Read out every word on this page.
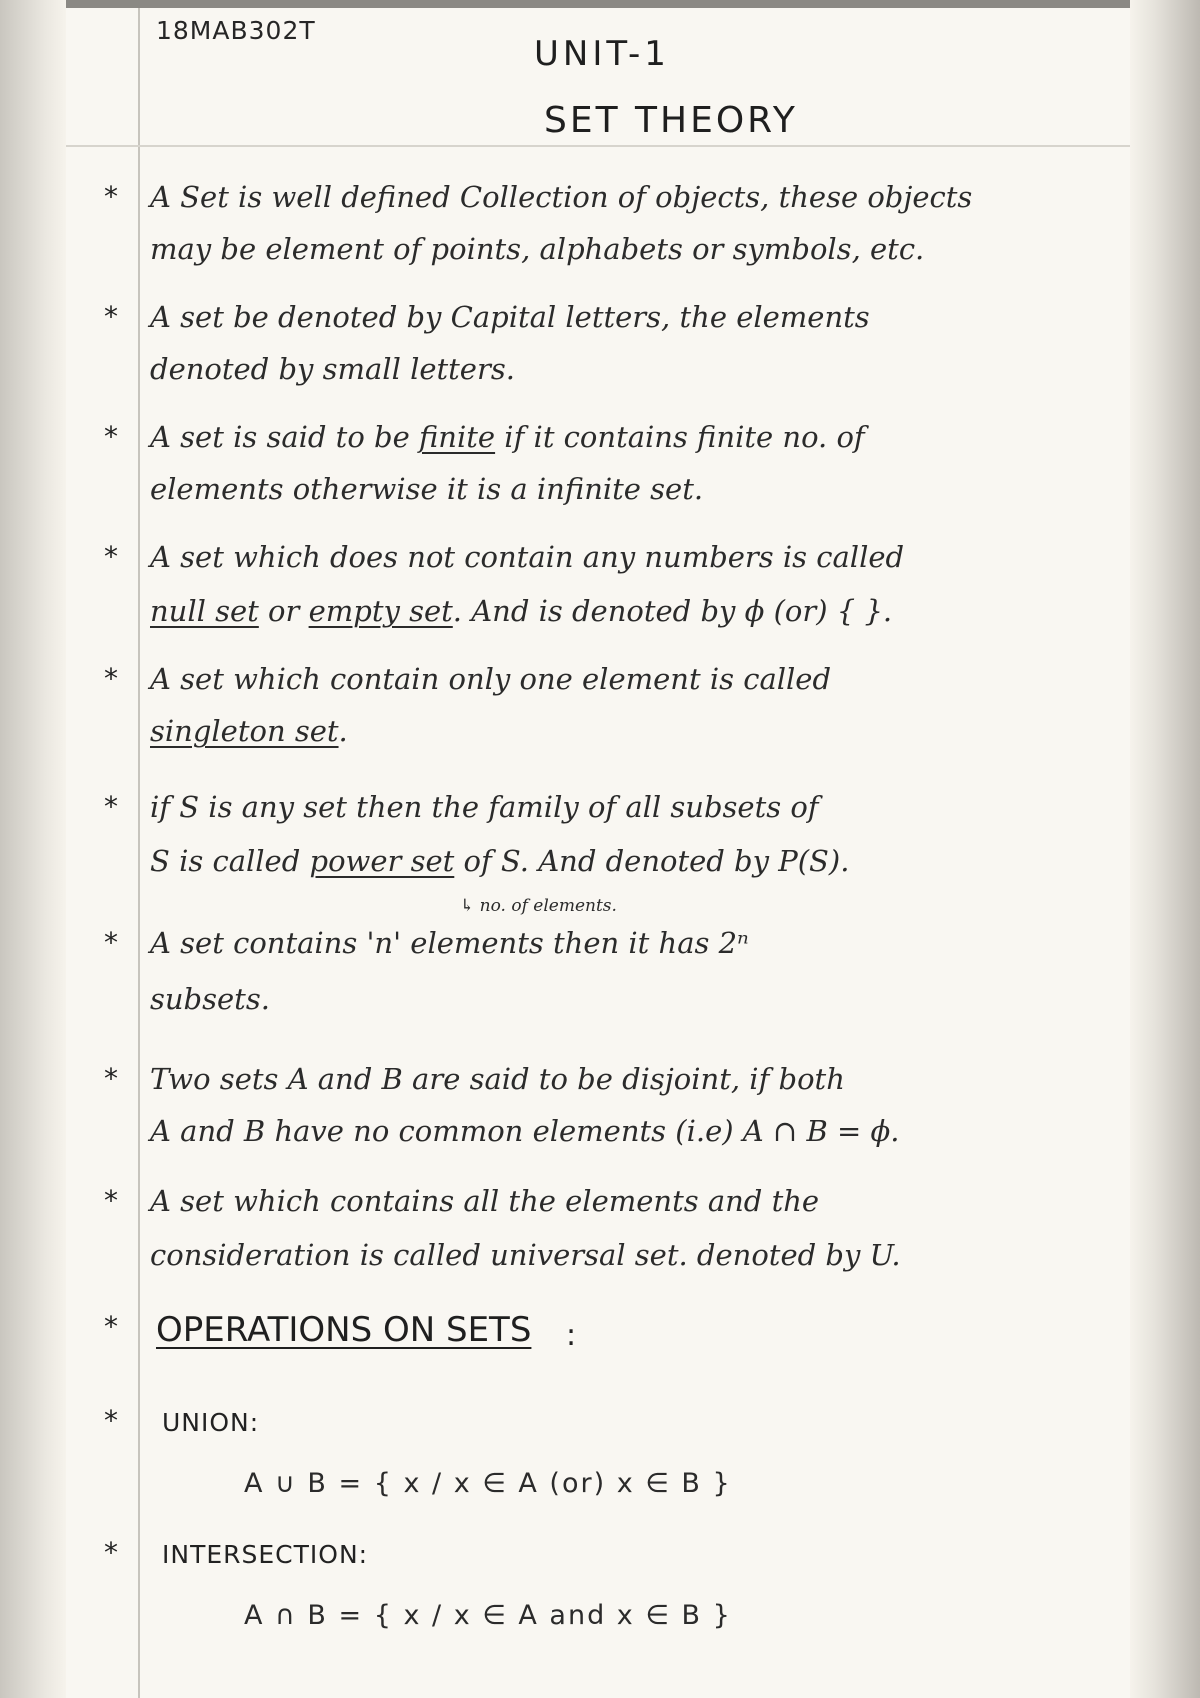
18MAB302T
UNIT-1
SET THEORY
* A Set is well defined Collection of objects, these objects
may be element of points, alphabets or symbols, etc.
* A set be denoted by Capital letters, the elements
denoted by small letters.
* A set is said to be finite if it contains finite no. of
elements otherwise it is a infinite set.
* A set which does not contain any numbers is called
null set or empty set. And is denoted by ϕ (or) { }.
* A set which contain only one element is called
singleton set.
* if S is any set then the family of all subsets of
S is called power set of S. And denoted by P(S).
↳ no. of elements.
* A set contains 'n' elements then it has 2ⁿ
subsets.
* Two sets A and B are said to be disjoint, if both
A and B have no common elements (i.e) A ∩ B = ϕ.
* A set which contains all the elements and the
consideration is called universal set. denoted by U.
* OPERATIONS ON SETS :
* UNION:
A ∪ B = { x / x ∈ A (or) x ∈ B }
* INTERSECTION:
A ∩ B = { x / x ∈ A and x ∈ B }
